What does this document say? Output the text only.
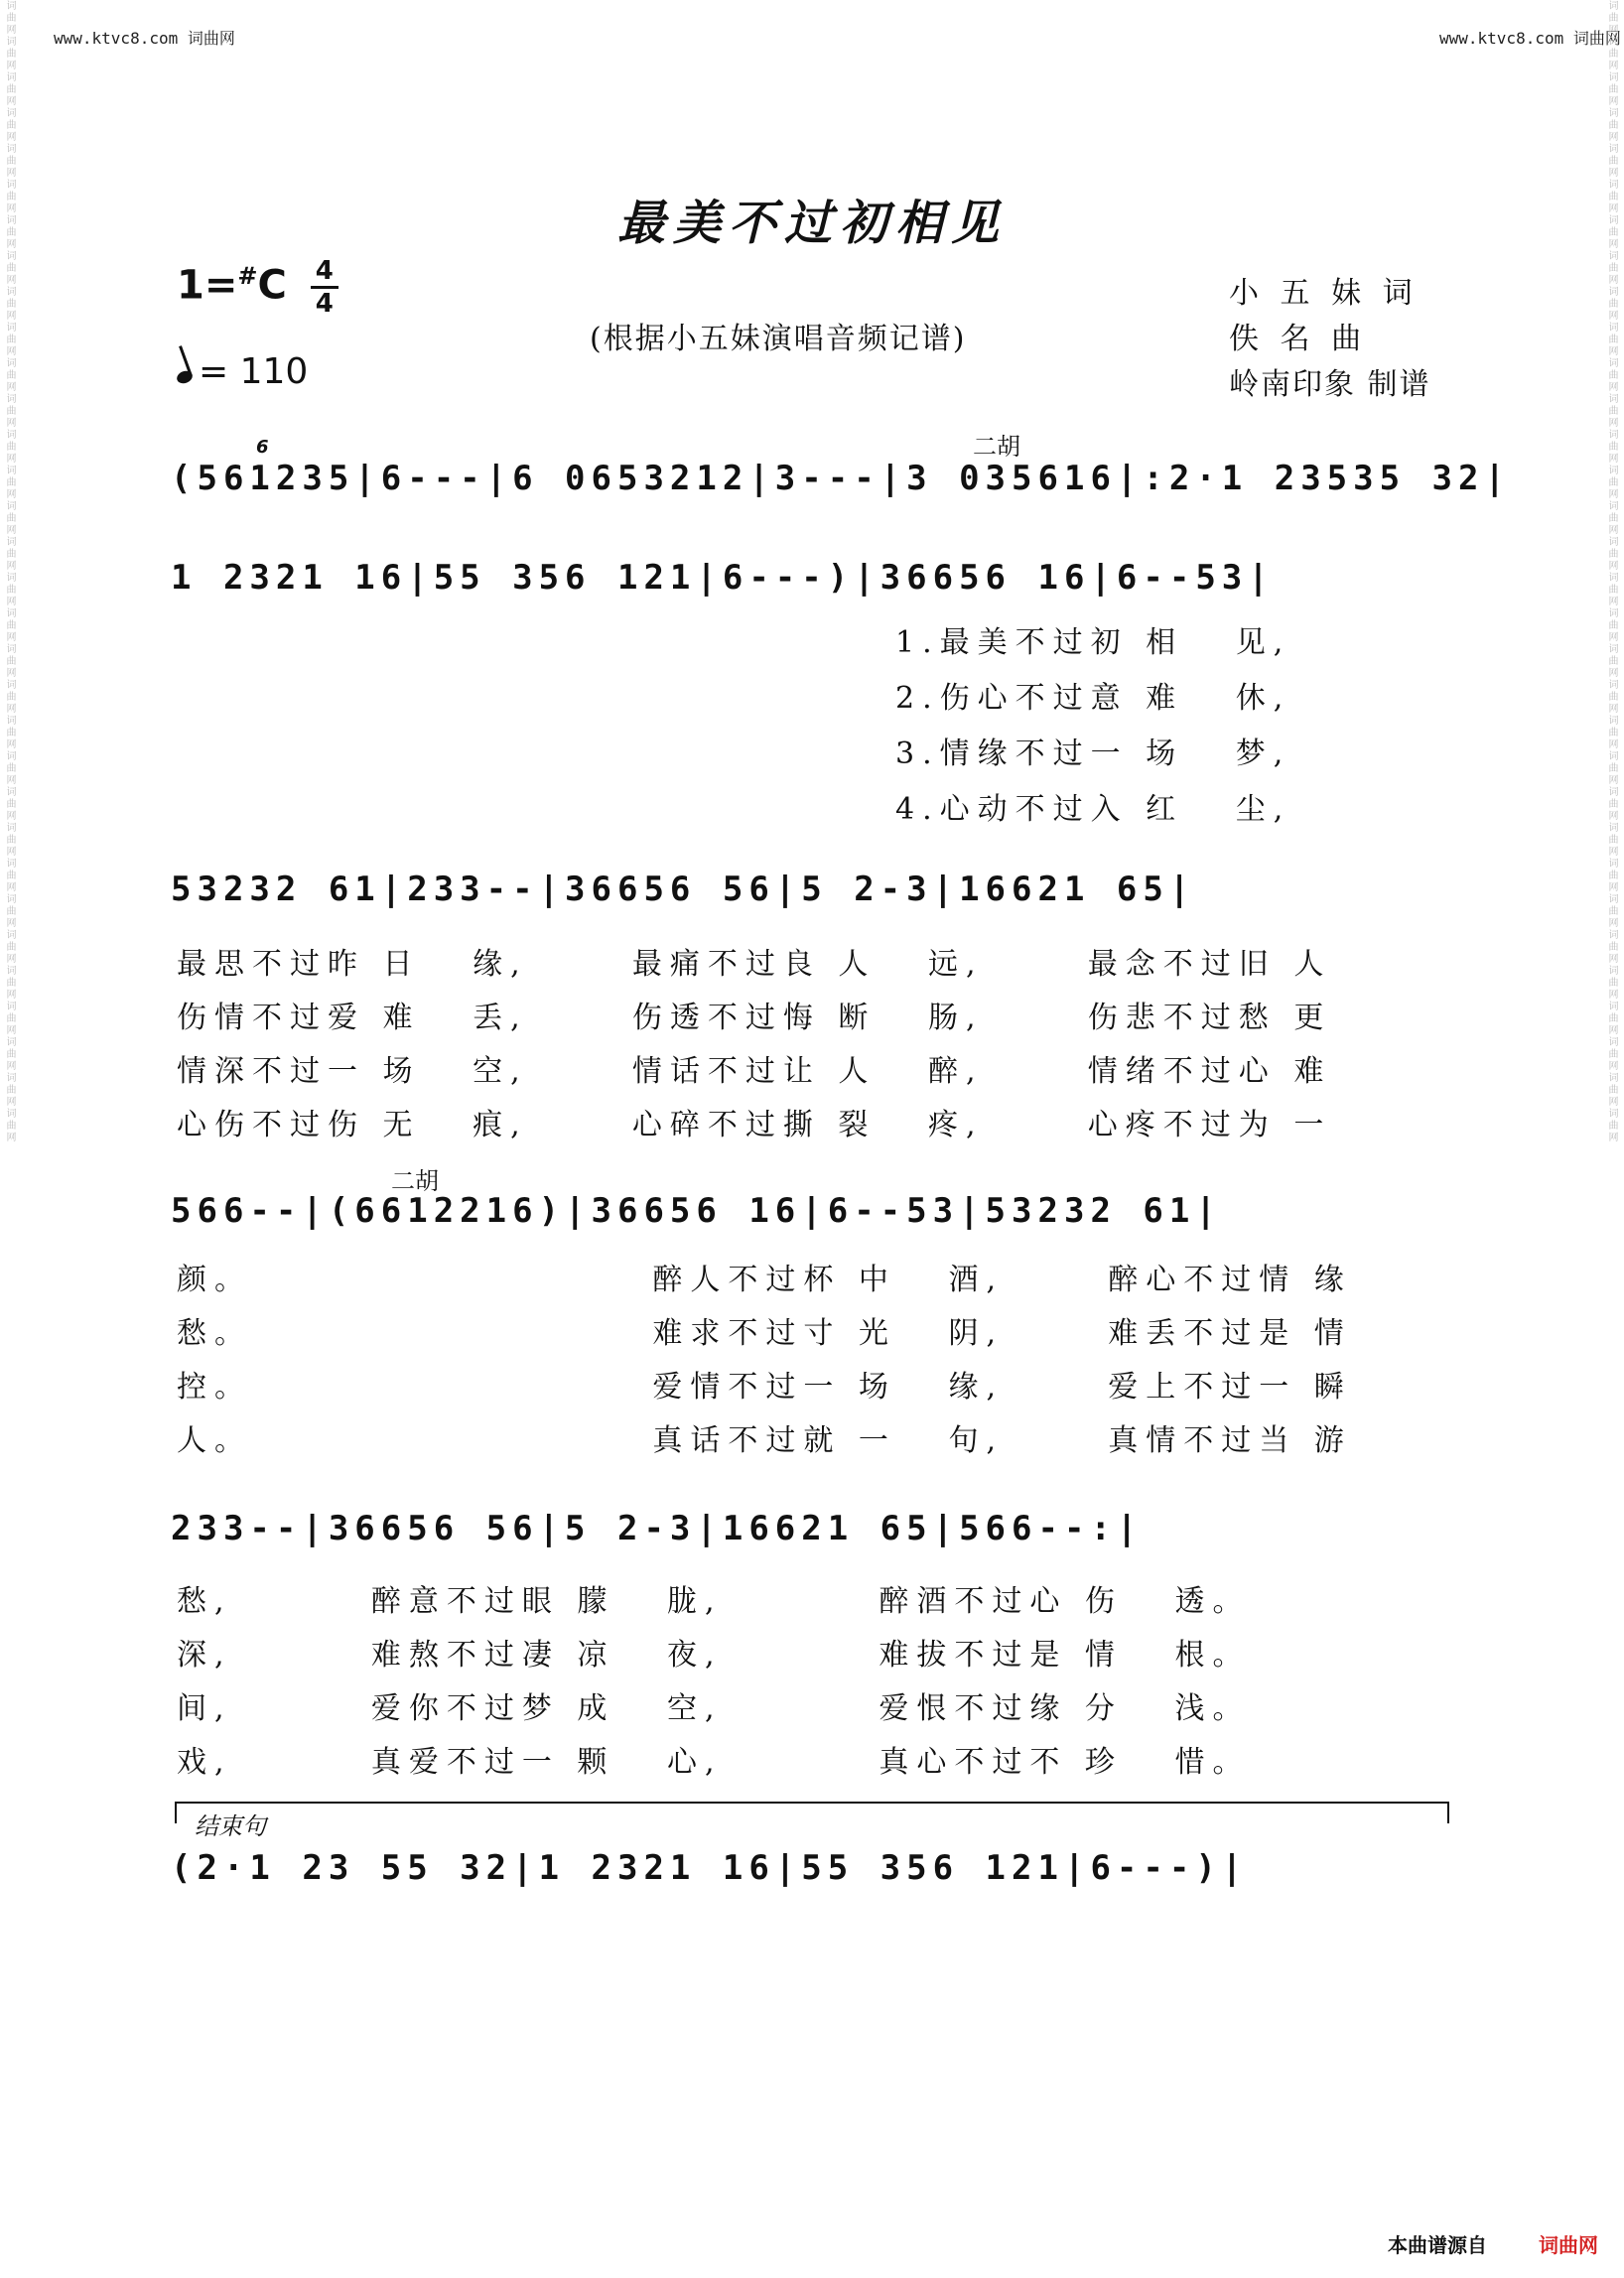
www.ktvc8.com 词曲网	www.ktvc8.com 词曲网
词曲网词曲网词曲网词曲网词曲网词曲网词曲网词曲网词曲网词曲网词曲网词曲网词曲网词曲网词曲网词曲网词曲网词曲网词曲网词曲网词曲网词曲网词曲网词曲网词曲网词曲网词曲网词曲网词曲网词曲网词曲网词曲网	词曲网词曲网词曲网词曲网词曲网词曲网词曲网词曲网词曲网词曲网词曲网词曲网词曲网词曲网词曲网词曲网词曲网词曲网词曲网词曲网词曲网词曲网词曲网词曲网词曲网词曲网词曲网词曲网词曲网词曲网词曲网词曲网
最美不过初相见
$1=^{\#}C \frac{4}{4}$
= 110
(根据小五妹演唱音频记谱)
小 五 妹 词
佚 名 曲
岭南印象 制谱
二胡
6
(561235|6---|6 0653212|3---|3 035616|:2·1 23535 32|
1 2321 16|55 356 121|6---)|36656 16|6--53|
1.最美不过初 相   见,
2.伤心不过意 难   休,
3.情缘不过一 场   梦,
4.心动不过入 红   尘,
53232 61|233--|36656 56|5 2-3|16621 65|
最思不过昨 日   缘,      最痛不过良 人   远,      最念不过旧 人
伤情不过爱 难   丢,      伤透不过悔 断   肠,      伤悲不过愁 更
情深不过一 场   空,      情话不过让 人   醉,      情绪不过心 难
心伤不过伤 无   痕,      心碎不过撕 裂   疼,      心疼不过为 一
二胡
566--|(6612216)|36656 16|6--53|53232 61|
颜。                       醉人不过杯 中   酒,      醉心不过情 缘
愁。                       难求不过寸 光   阴,      难丢不过是 情
控。                       爱情不过一 场   缘,      爱上不过一 瞬
人。                       真话不过就 一   句,      真情不过当 游
233--|36656 56|5 2-3|16621 65|566--:|
愁,        醉意不过眼 朦   胧,         醉酒不过心 伤   透。
深,        难熬不过凄 凉   夜,         难拔不过是 情   根。
间,        爱你不过梦 成   空,         爱恨不过缘 分   浅。
戏,        真爱不过一 颗   心,         真心不过不 珍   惜。
结束句
(2·1 23 55 32|1 2321 16|55 356 121|6---)|
本曲谱源自	词曲网
